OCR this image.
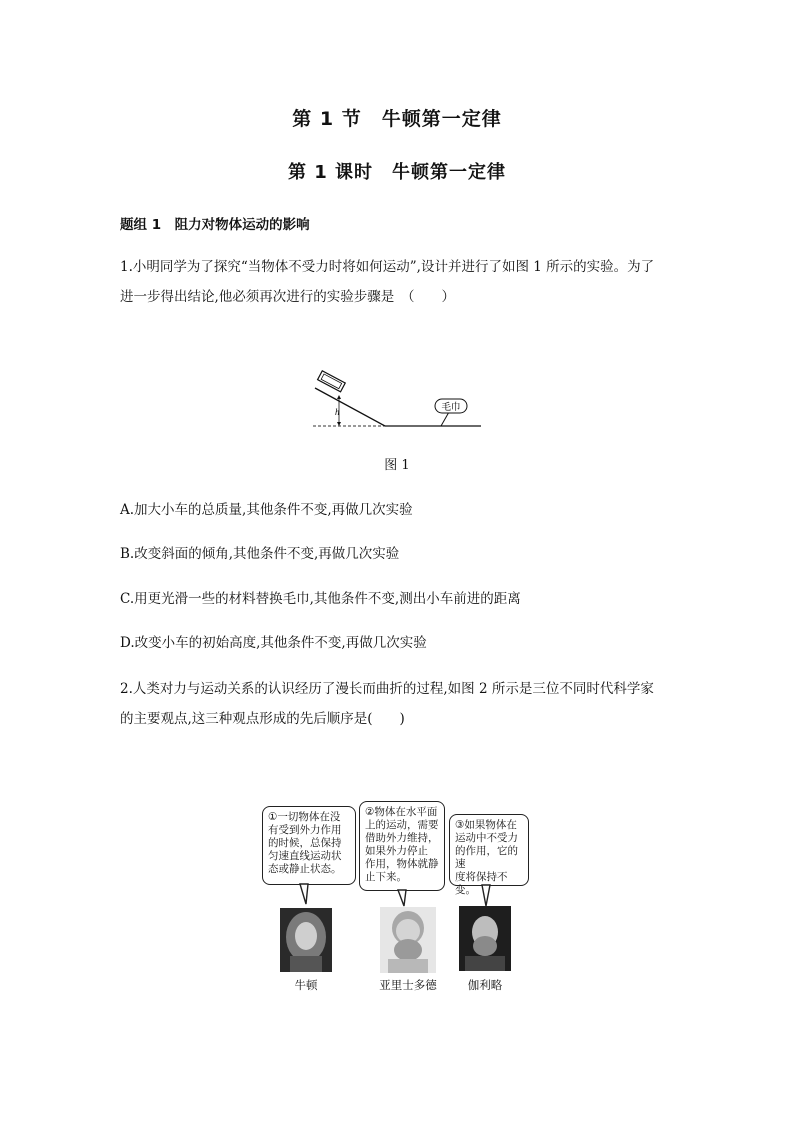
第 1 节　牛顿第一定律
第 1 课时　牛顿第一定律
题组 1　阻力对物体运动的影响
1.小明同学为了探究“当物体不受力时将如何运动”,设计并进行了如图 1 所示的实验。为了
进一步得出结论,他必须再次进行的实验步骤是　（　　）
h	毛巾
图 1
A.加大小车的总质量,其他条件不变,再做几次实验
B.改变斜面的倾角,其他条件不变,再做几次实验
C.用更光滑一些的材料替换毛巾,其他条件不变,测出小车前进的距离
D.改变小车的初始高度,其他条件不变,再做几次实验
2.人类对力与运动关系的认识经历了漫长而曲折的过程,如图 2 所示是三位不同时代科学家
的主要观点,这三种观点形成的先后顺序是(　　)
①一切物体在没
有受到外力作用
的时候，总保持
匀速直线运动状
态或静止状态。
②物体在水平面
上的运动，需要
借助外力维持，
如果外力停止
作用，物体就静
止下来。
③如果物体在
运动中不受力
的作用，它的速
度将保持不变。
牛顿	亚里士多德	伽利略
